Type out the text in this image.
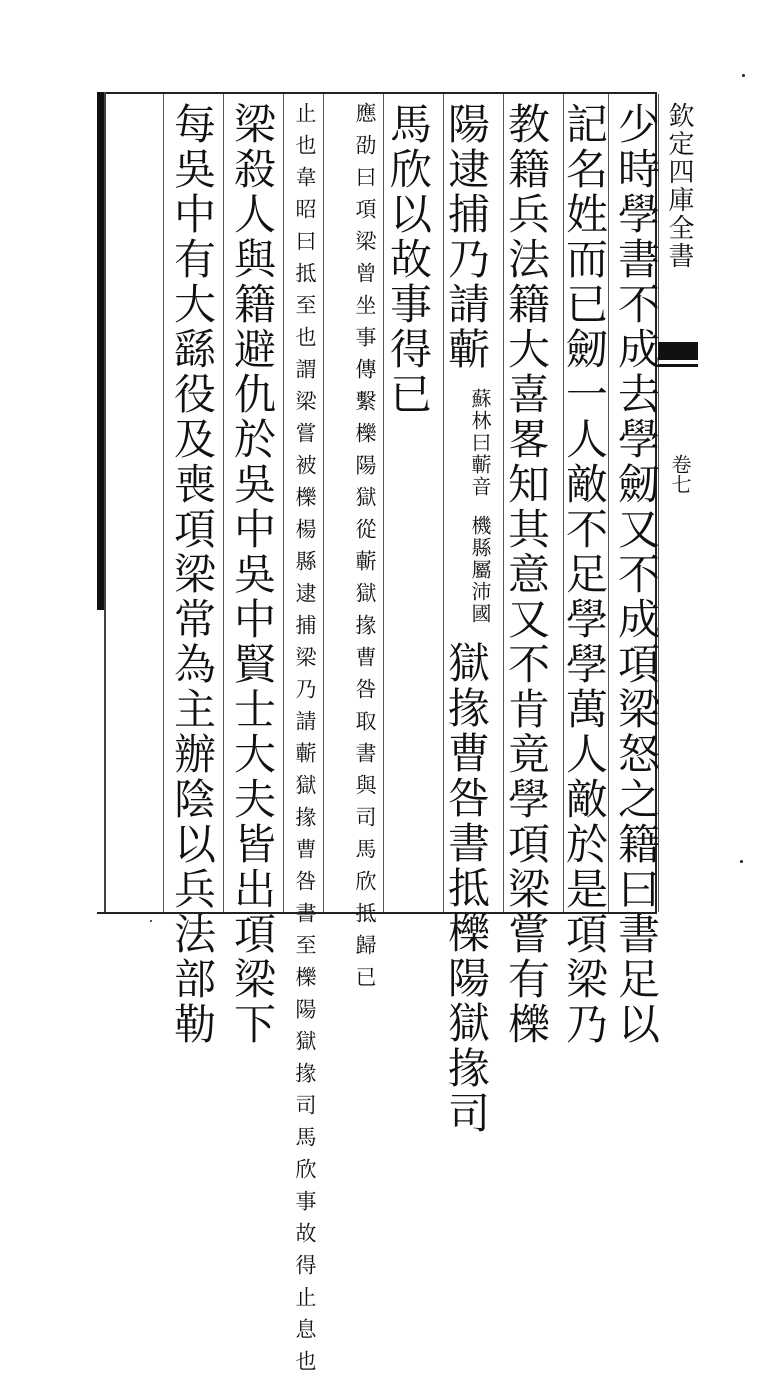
欽定四庫全書
卷七
少時學書不成去學劒又不成項梁怒之籍曰書足以
記名姓而已劒一人敵不足學學萬人敵於是項梁乃
教籍兵法籍大喜畧知其意又不肯竟學項梁嘗有櫟
陽逮捕乃請蘄 蘇林曰蘄音 機縣屬沛國 獄掾曹咎書抵櫟陽獄掾司
馬欣以故事得已
應劭曰項梁曾坐事傳繫櫟陽獄從蘄獄掾曹咎取書與司馬欣抵歸已
止也韋昭曰抵至也謂梁嘗被櫟楊縣逮捕梁乃請蘄獄掾曹咎書至櫟陽獄掾司馬欣事故得止息也
梁殺人與籍避仇於吳中吳中賢士大夫皆出項梁下
每吳中有大繇役及喪項梁常為主辦陰以兵法部勒
